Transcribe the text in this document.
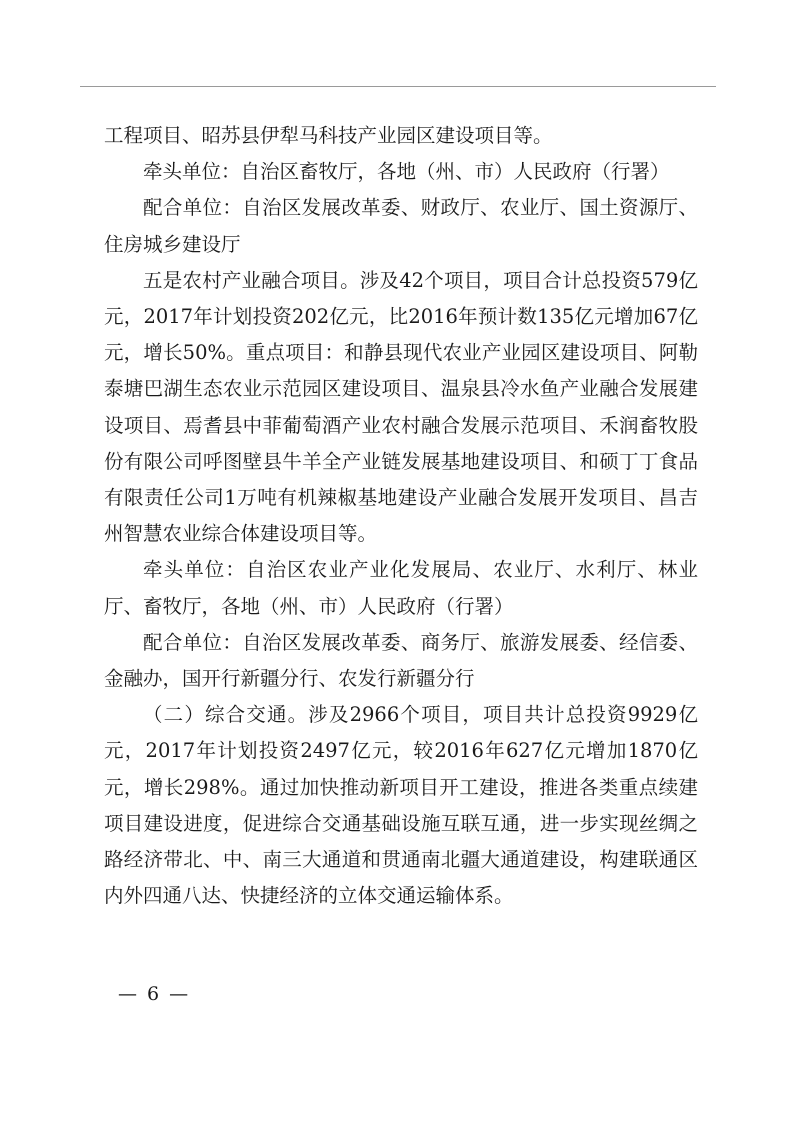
工程项目、昭苏县伊犁马科技产业园区建设项目等。

牵头单位：自治区畜牧厅，各地（州、市）人民政府（行署）

配合单位：自治区发展改革委、财政厅、农业厅、国土资源厅、住房城乡建设厅

五是农村产业融合项目。涉及42个项目，项目合计总投资579亿元，2017年计划投资202亿元，比2016年预计数135亿元增加67亿元，增长50%。重点项目：和静县现代农业产业园区建设项目、阿勒泰塘巴湖生态农业示范园区建设项目、温泉县冷水鱼产业融合发展建设项目、焉耆县中菲葡萄酒产业农村融合发展示范项目、禾润畜牧股份有限公司呼图壁县牛羊全产业链发展基地建设项目、和硕丁丁食品有限责任公司1万吨有机辣椒基地建设产业融合发展开发项目、昌吉州智慧农业综合体建设项目等。

牵头单位：自治区农业产业化发展局、农业厅、水利厅、林业厅、畜牧厅，各地（州、市）人民政府（行署）

配合单位：自治区发展改革委、商务厅、旅游发展委、经信委、金融办，国开行新疆分行、农发行新疆分行

（二）综合交通。涉及2966个项目，项目共计总投资9929亿元，2017年计划投资2497亿元，较2016年627亿元增加1870亿元，增长298%。通过加快推动新项目开工建设，推进各类重点续建项目建设进度，促进综合交通基础设施互联互通，进一步实现丝绸之路经济带北、中、南三大通道和贯通南北疆大通道建设，构建联通区内外四通八达、快捷经济的立体交通运输体系。

— 6 —
